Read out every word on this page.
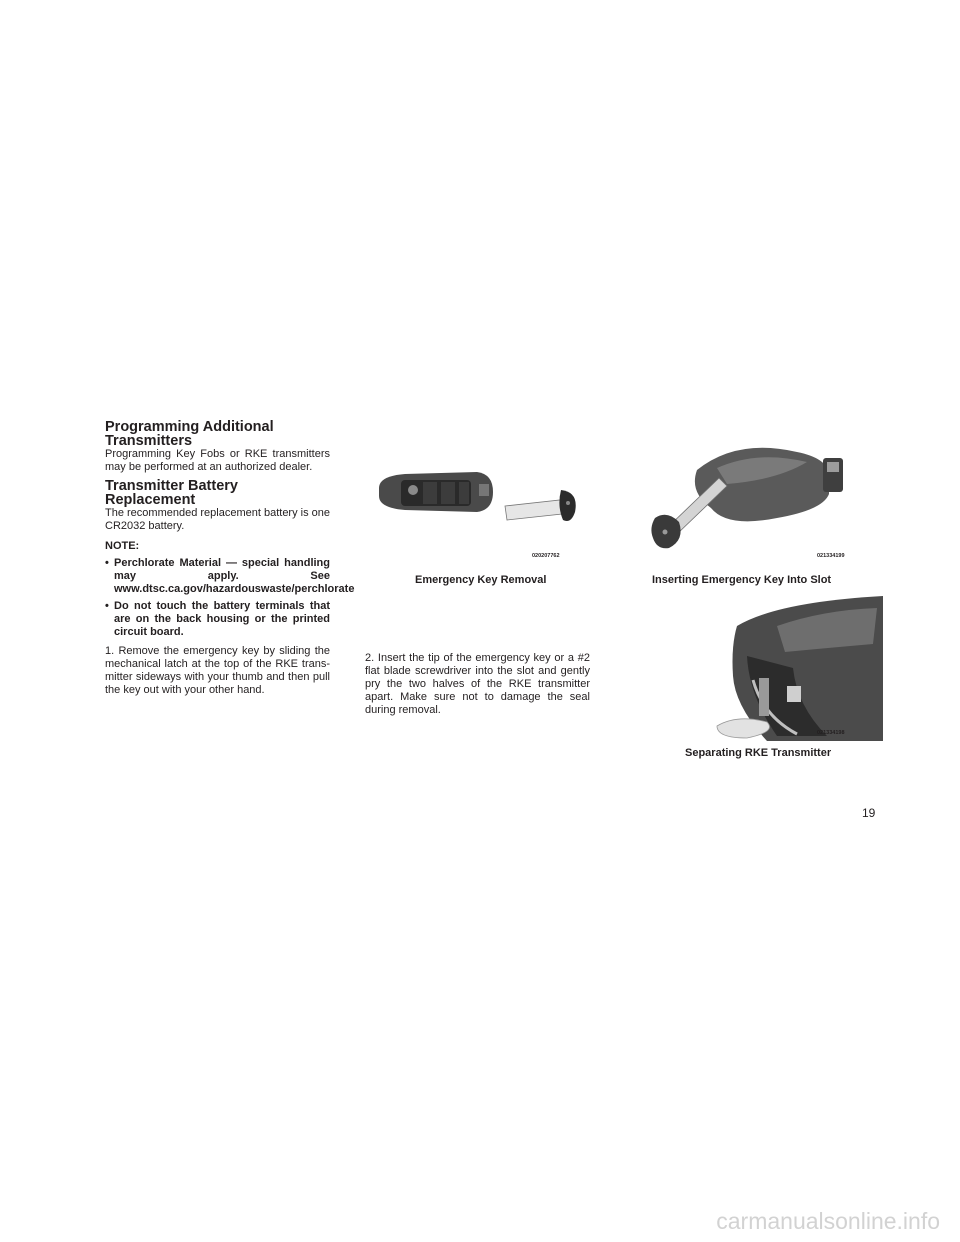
Programming Additional
Transmitters

Programming Key Fobs or RKE transmitters may be performed at an authorized dealer.

Transmitter Battery Replacement

The recommended replacement battery is one CR2032 battery.

NOTE:
• Perchlorate Material — special handling may apply. See www.dtsc.ca.gov/hazardouswaste/perchlorate
• Do not touch the battery terminals that are on the back housing or the printed circuit board.

1. Remove the emergency key by sliding the mechanical latch at the top of the RKE trans-mitter sideways with your thumb and then pull the key out with your other hand.

2. Insert the tip of the emergency key or a #2 flat blade screwdriver into the slot and gently pry the two halves of the RKE transmitter apart. Make sure not to damage the seal during removal.

020207762
Emergency Key Removal
021334199
Inserting Emergency Key Into Slot
021334198
Separating RKE Transmitter
19
carmanualsonline.info
